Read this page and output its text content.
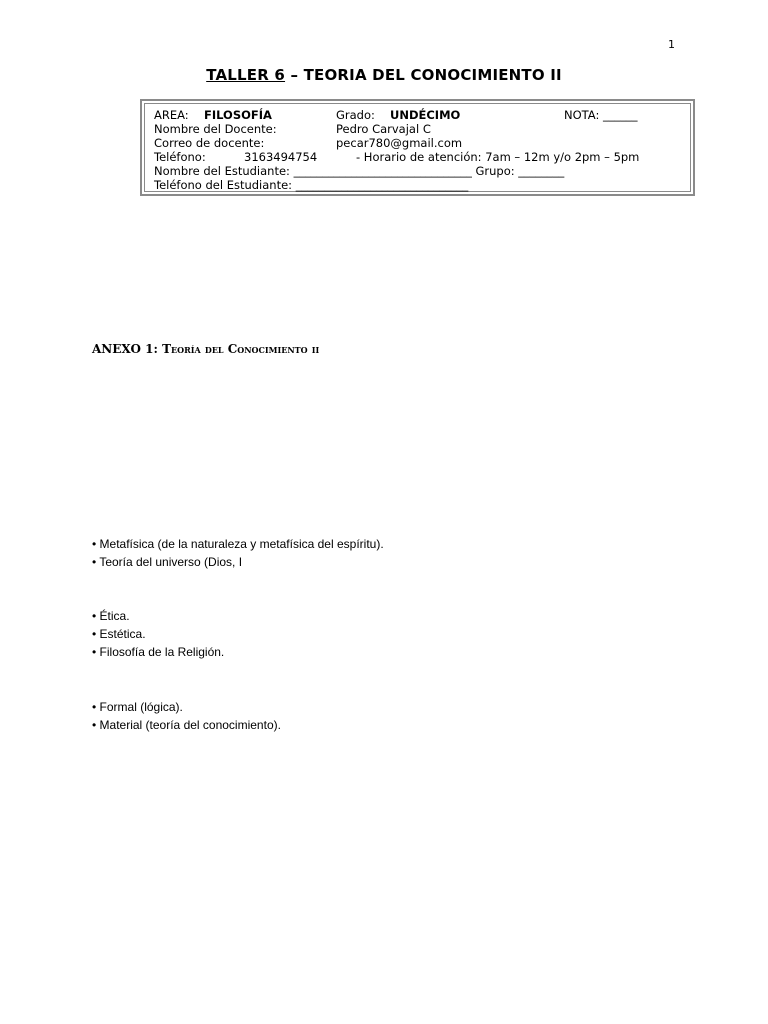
1
TALLER 6 – TEORIA DEL CONOCIMIENTO II
AREA: FILOSOFÍA	Grado: UNDÉCIMO	NOTA: ______
Nombre del Docente:	Pedro Carvajal C
Correo de docente:	pecar780@gmail.com
Teléfono:	3163494754	- Horario de atención: 7am – 12m y/o 2pm – 5pm
Nombre del Estudiante: _______________________________ Grupo: ________
Teléfono del Estudiante: ______________________________
ANEXO 1: Teoría del Conocimiento ii
• Metafísica (de la naturaleza y metafísica del espíritu).
• Teoría del universo (Dios, I
• Ética.
• Estética.
• Filosofía de la Religión.
• Formal (lógica).
• Material (teoría del conocimiento).
